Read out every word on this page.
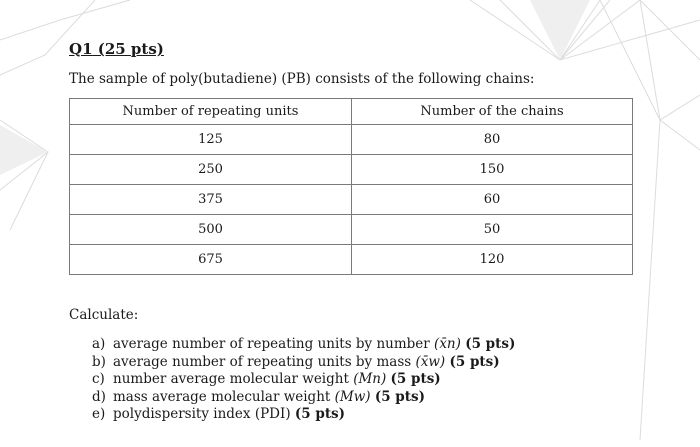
Q1 (25 pts)
The sample of poly(butadiene) (PB) consists of the following chains:
Number of repeating units	Number of the chains
125	80
250	150
375	60
500	50
675	120
Calculate:
a) average number of repeating units by number (x̄n) (5 pts)
b) average number of repeating units by mass (x̄w) (5 pts)
c) number average molecular weight (Mn) (5 pts)
d) mass average molecular weight (Mw) (5 pts)
e) polydispersity index (PDI) (5 pts)
